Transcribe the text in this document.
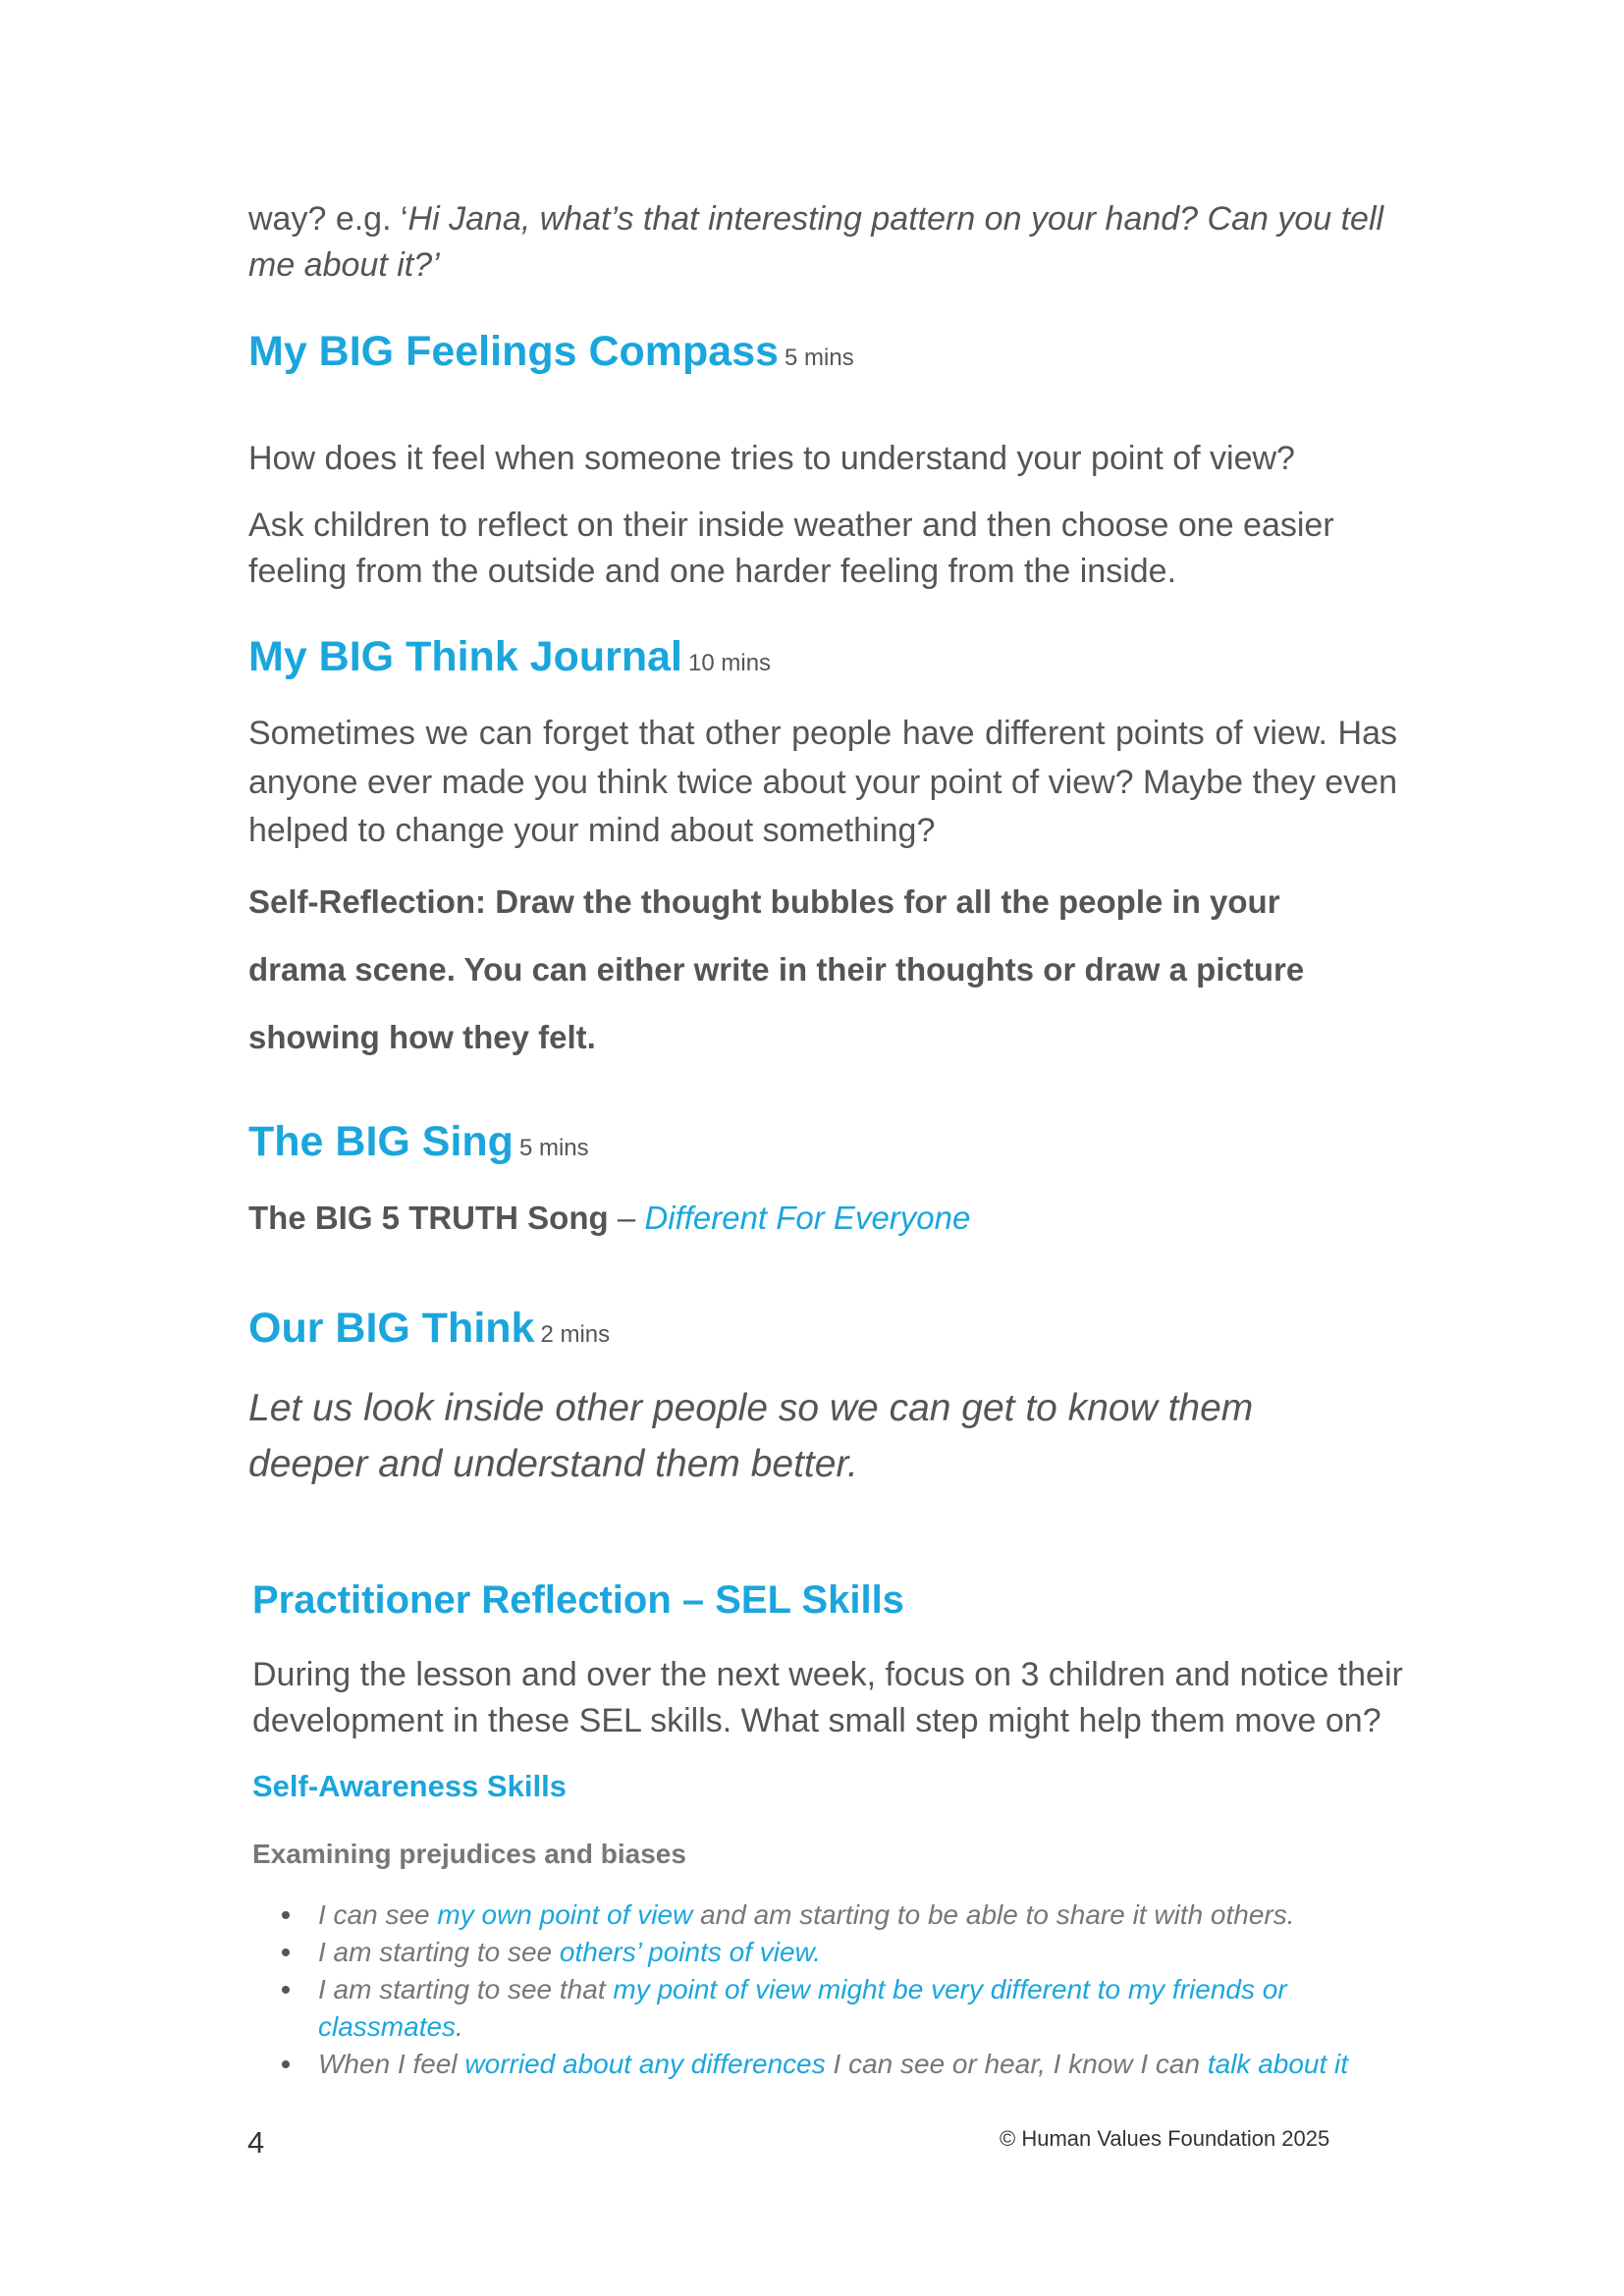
way? e.g. ‘Hi Jana, what’s that interesting pattern on your hand? Can you tell me about it?’

My BIG Feelings Compass 5 mins

How does it feel when someone tries to understand your point of view?

Ask children to reflect on their inside weather and then choose one easier feeling from the outside and one harder feeling from the inside.

My BIG Think Journal 10 mins

Sometimes we can forget that other people have different points of view. Has anyone ever made you think twice about your point of view? Maybe they even helped to change your mind about something?

Self-Reflection: Draw the thought bubbles for all the people in your

drama scene. You can either write in their thoughts or draw a picture

showing how they felt.

The BIG Sing 5 mins

The BIG 5 TRUTH Song – Different For Everyone

Our BIG Think 2 mins

Let us look inside other people so we can get to know them deeper and understand them better.

Practitioner Reflection – SEL Skills

During the lesson and over the next week, focus on 3 children and notice their development in these SEL skills. What small step might help them move on?

Self-Awareness Skills
Examining prejudices and biases
I can see my own point of view and am starting to be able to share it with others.
I am starting to see others’ points of view.
I am starting to see that my point of view might be very different to my friends or classmates.
When I feel worried about any differences I can see or hear, I know I can talk about it
4	© Human Values Foundation 2025
